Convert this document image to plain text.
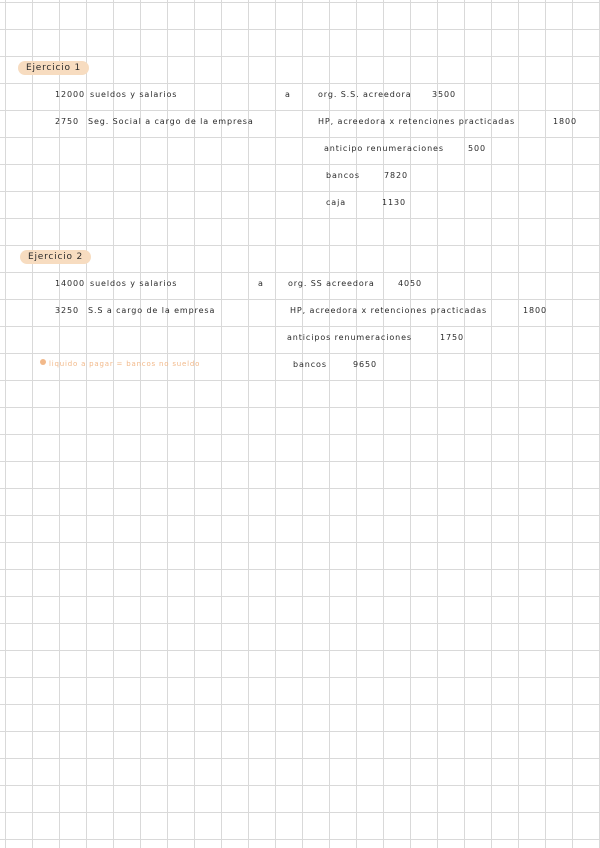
Ejercicio 1
12000 sueldos y salarios	a	org. S.S. acreedora	3500
2750 Seg. Social a cargo de la empresa	HP, acreedora x retenciones practicadas	1800
anticipo renumeraciones	500
bancos	7820
caja	1130
Ejercicio 2
14000 sueldos y salarios	a	org. SS acreedora	4050
3250 S.S a cargo de la empresa	HP, acreedora x retenciones practicadas	1800
anticipos renumeraciones	1750
liquido a pagar = bancos no sueldo	bancos	9650
